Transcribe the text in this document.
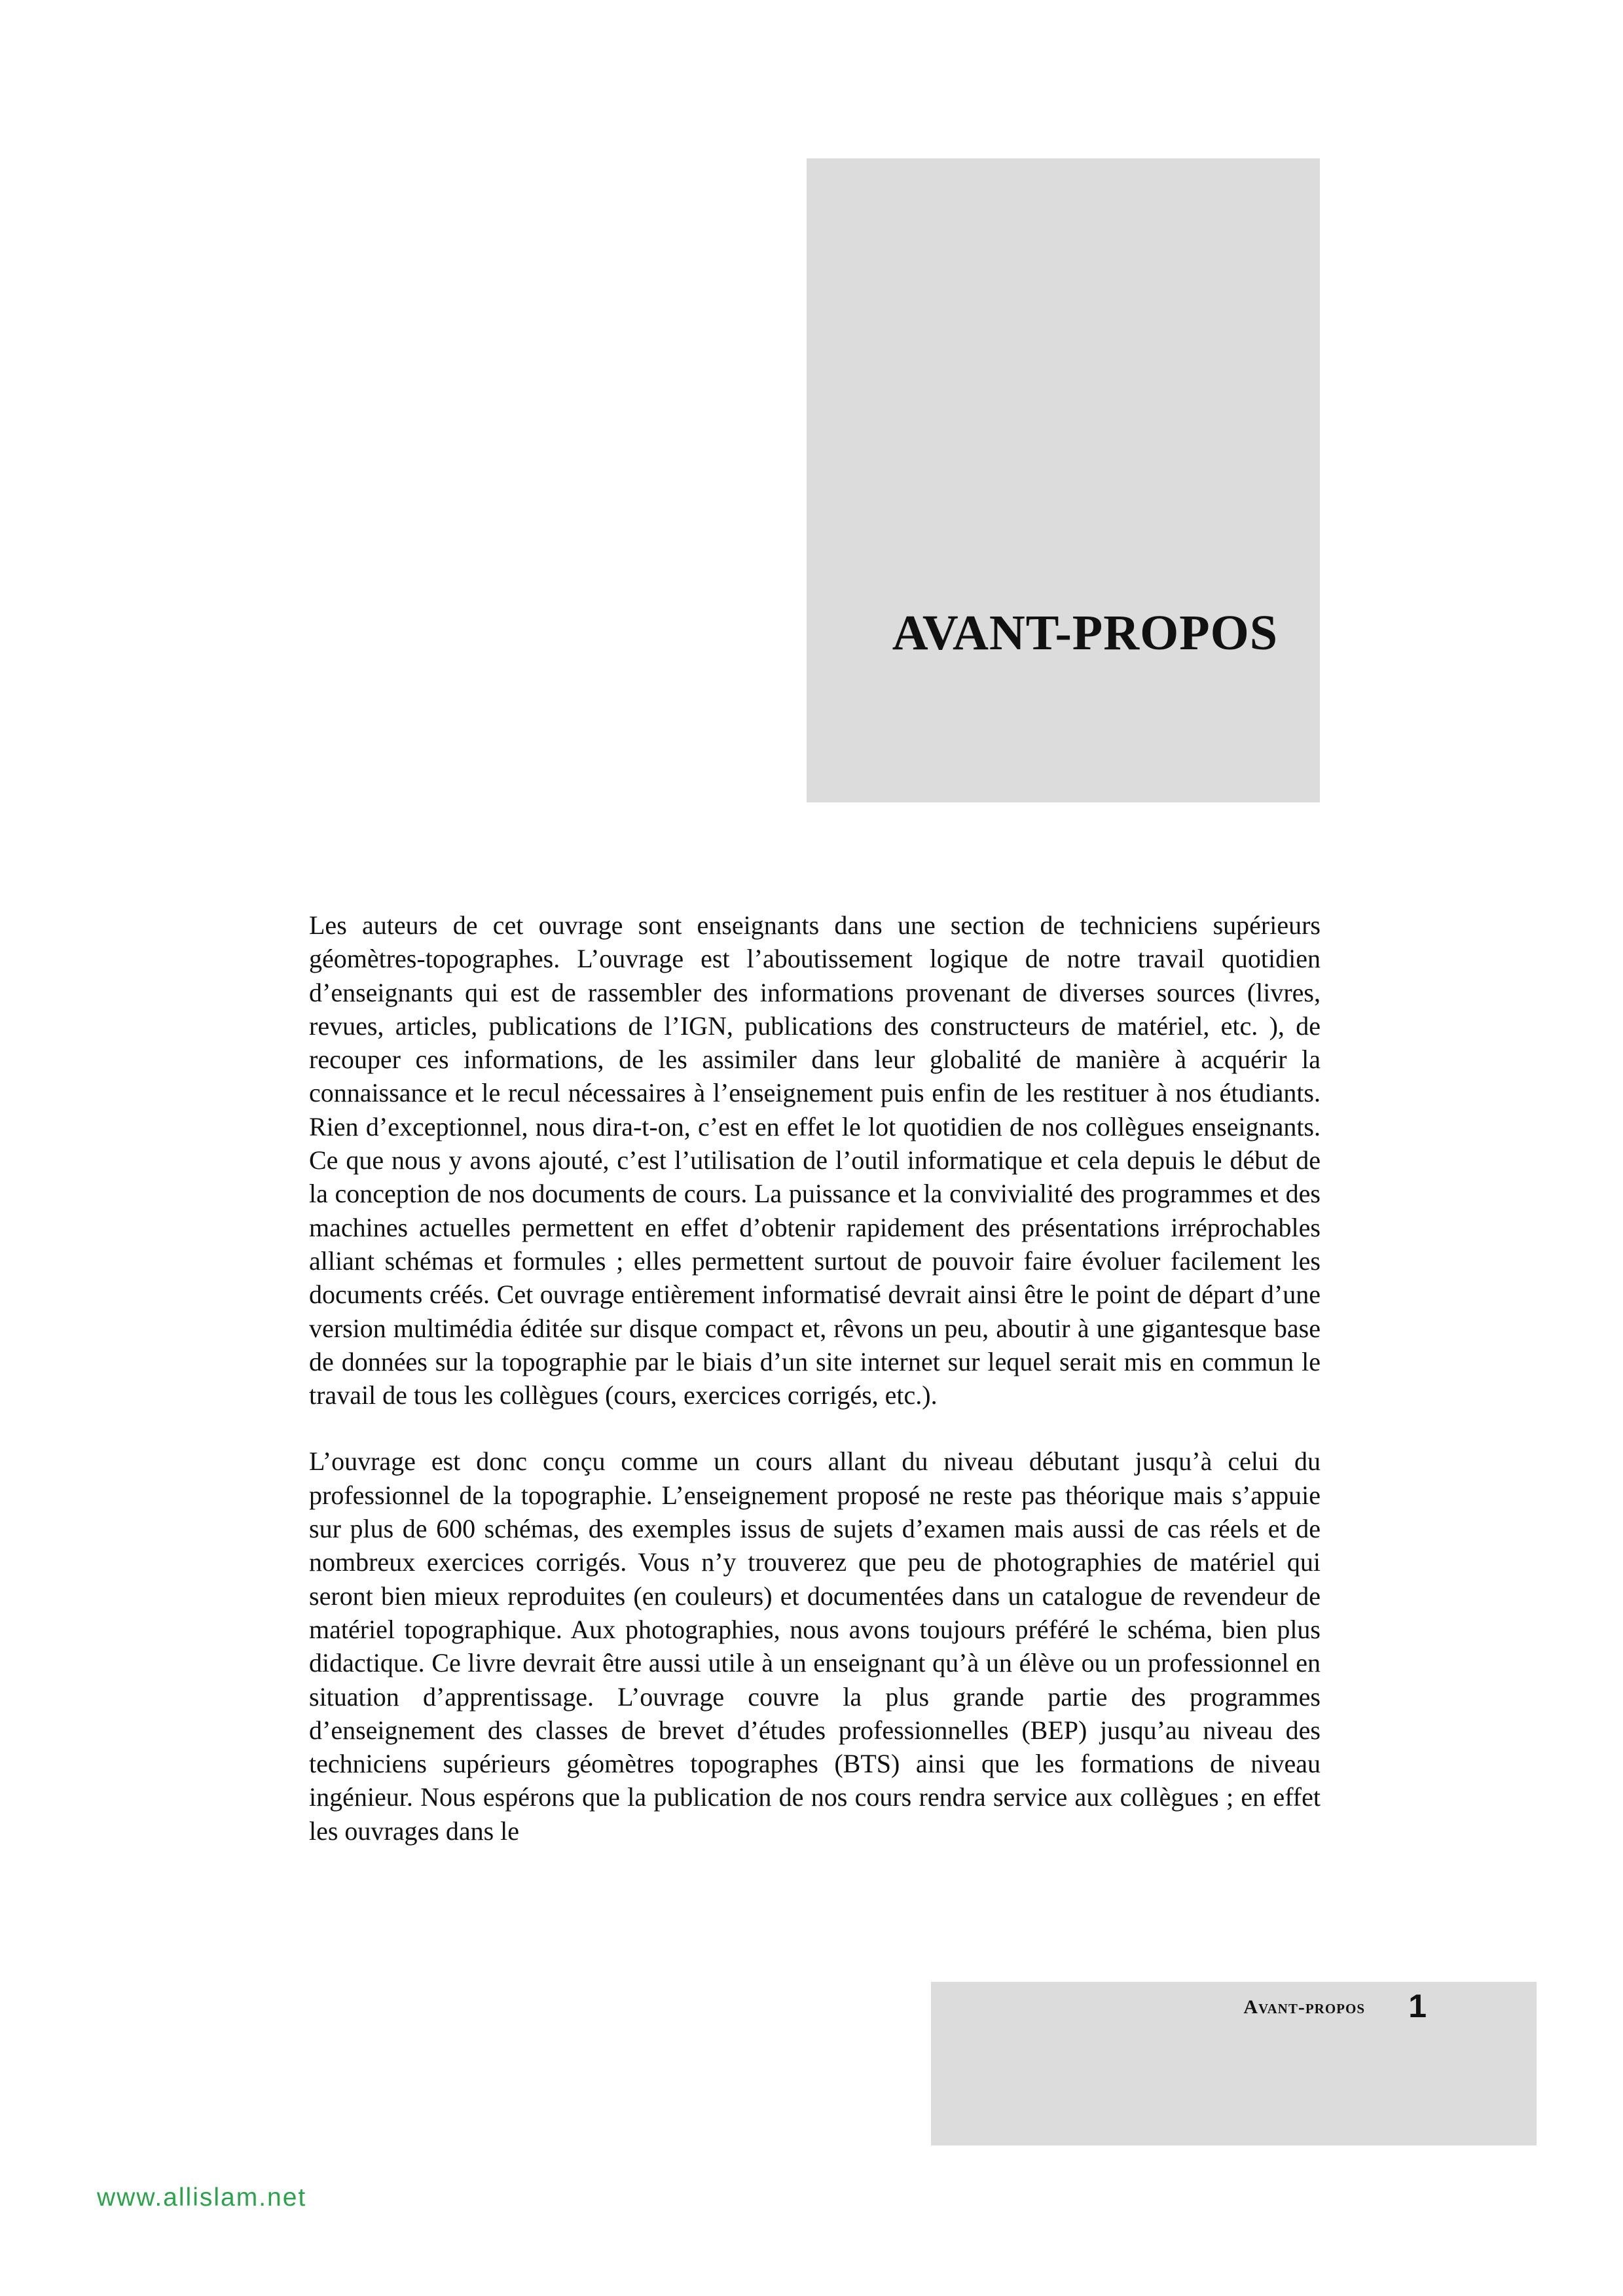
AVANT-PROPOS

Les auteurs de cet ouvrage sont enseignants dans une section de techniciens supérieurs géomètres-topographes. L’ouvrage est l’aboutissement logique de notre travail quotidien d’enseignants qui est de rassembler des informations provenant de diverses sources (livres, revues, articles, publications de l’IGN, publications des constructeurs de matériel, etc. ), de recouper ces informations, de les assimiler dans leur globalité de manière à acquérir la connaissance et le recul nécessaires à l’enseignement puis enfin de les restituer à nos étudiants. Rien d’exceptionnel, nous dira-t-on, c’est en effet le lot quotidien de nos collègues enseignants. Ce que nous y avons ajouté, c’est l’utilisation de l’outil informatique et cela depuis le début de la conception de nos documents de cours. La puissance et la convivialité des programmes et des machines actuelles permettent en effet d’obtenir rapidement des présentations irréprochables alliant schémas et formules ; elles permettent surtout de pouvoir faire évoluer facilement les documents créés. Cet ouvrage entièrement informatisé devrait ainsi être le point de départ d’une version multimédia éditée sur disque compact et, rêvons un peu, aboutir à une gigantesque base de données sur la topographie par le biais d’un site internet sur lequel serait mis en commun le travail de tous les collègues (cours, exercices corrigés, etc.).

L’ouvrage est donc conçu comme un cours allant du niveau débutant jusqu’à celui du professionnel de la topographie. L’enseignement proposé ne reste pas théorique mais s’appuie sur plus de 600 schémas, des exemples issus de sujets d’examen mais aussi de cas réels et de nombreux exercices corrigés. Vous n’y trouverez que peu de photographies de matériel qui seront bien mieux reproduites (en couleurs) et documentées dans un catalogue de revendeur de matériel topographique. Aux photographies, nous avons toujours préféré le schéma, bien plus didactique. Ce livre devrait être aussi utile à un enseignant qu’à un élève ou un professionnel en situation d’apprentissage. L’ouvrage couvre la plus grande partie des programmes d’enseignement des classes de brevet d’études professionnelles (BEP) jusqu’au niveau des techniciens supérieurs géomètres topographes (BTS) ainsi que les formations de niveau ingénieur. Nous espérons que la publication de nos cours rendra service aux collègues ; en effet les ouvrages dans le

Avant-propos 1
www.allislam.net
